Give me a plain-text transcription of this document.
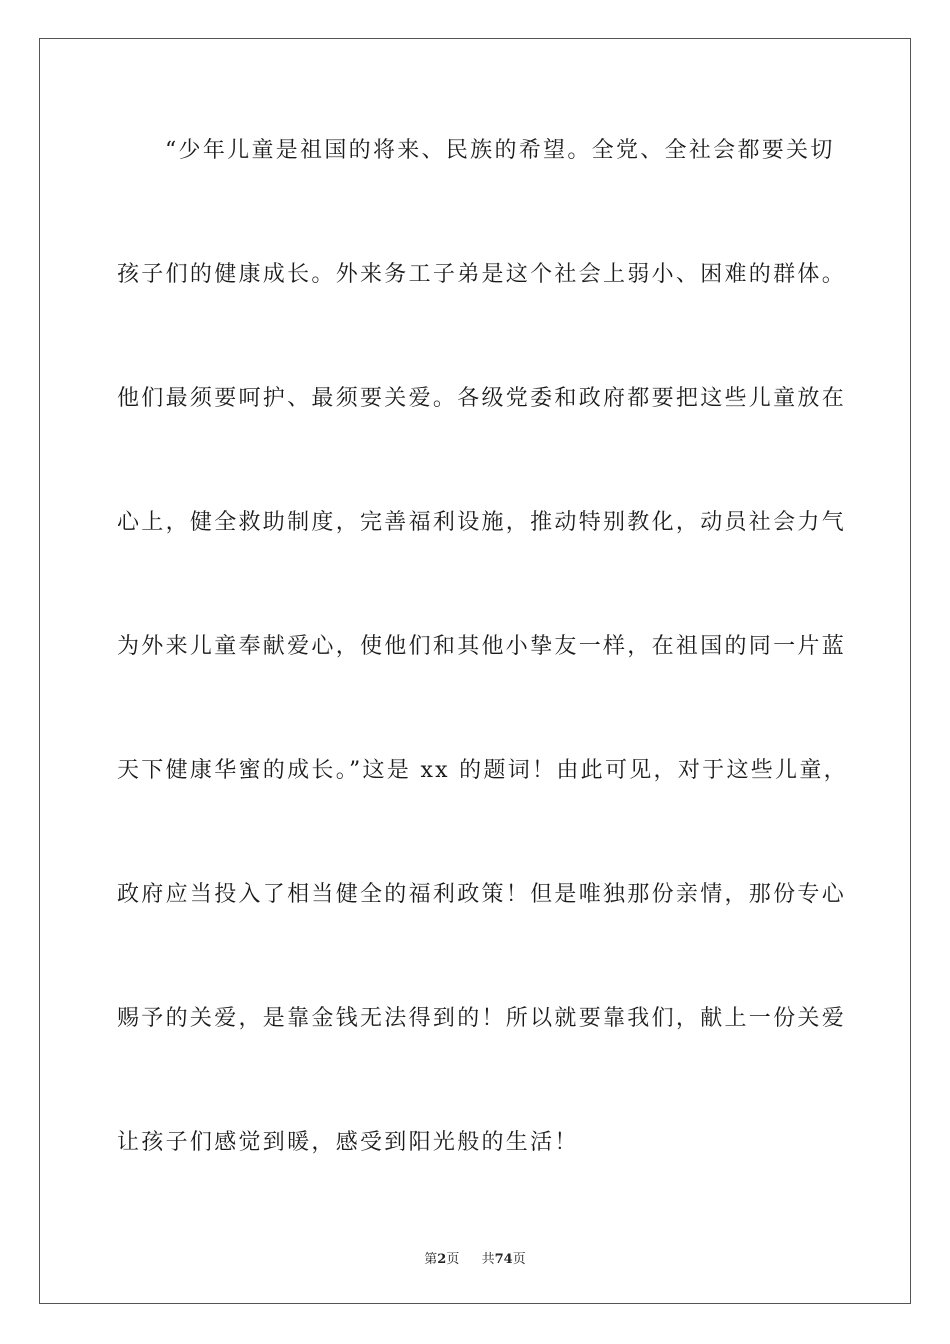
“少年儿童是祖国的将来、民族的希望。全党、全社会都要关切
孩子们的健康成长。外来务工子弟是这个社会上弱小、困难的群体。
他们最须要呵护、最须要关爱。各级党委和政府都要把这些儿童放在
心上，健全救助制度，完善福利设施，推动特别教化，动员社会力气
为外来儿童奉献爱心，使他们和其他小挚友一样，在祖国的同一片蓝
天下健康华蜜的成长。”这是 xx 的题词！由此可见，对于这些儿童，
政府应当投入了相当健全的福利政策！但是唯独那份亲情，那份专心
赐予的关爱，是靠金钱无法得到的！所以就要靠我们，献上一份关爱
让孩子们感觉到暖，感受到阳光般的生活！
第2页 共74页
